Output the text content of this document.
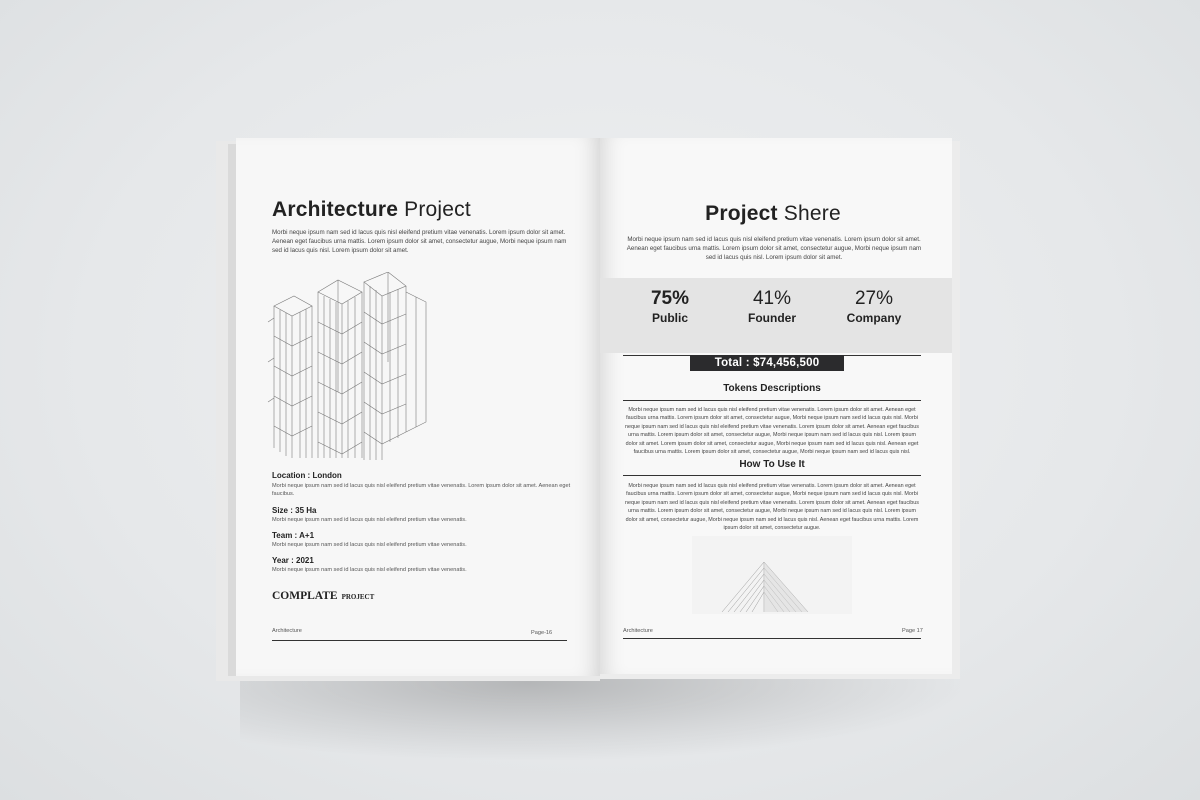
Architecture Project
Morbi neque ipsum nam sed id lacus quis nisl eleifend pretium vitae venenatis. Lorem ipsum dolor sit amet. Aenean eget faucibus urna mattis. Lorem ipsum dolor sit amet, consectetur augue, Morbi neque ipsum nam sed id lacus quis nisl. Lorem ipsum dolor sit amet.
Location : London
Morbi neque ipsum nam sed id lacus quis nisl eleifend pretium vitae venenatis. Lorem ipsum dolor sit amet. Aenean eget faucibus.
Size : 35 Ha
Morbi neque ipsum nam sed id lacus quis nisl eleifend pretium vitae venenatis.
Team : A+1
Morbi neque ipsum nam sed id lacus quis nisl eleifend pretium vitae venenatis.
Year : 2021
Morbi neque ipsum nam sed id lacus quis nisl eleifend pretium vitae venenatis.
COMPLATE PROJECT
Architecture	Page-16
Project Shere
Morbi neque ipsum nam sed id lacus quis nisl eleifend pretium vitae venenatis. Lorem ipsum dolor sit amet. Aenean eget faucibus urna mattis. Lorem ipsum dolor sit amet, consectetur augue, Morbi neque ipsum nam sed id lacus quis nisl. Lorem ipsum dolor sit amet.
75%
Public
41%
Founder
27%
Company
Total : $74,456,500
Tokens Descriptions
Morbi neque ipsum nam sed id lacus quis nisl eleifend pretium vitae venenatis. Lorem ipsum dolor sit amet. Aenean eget faucibus urna mattis. Lorem ipsum dolor sit amet, consectetur augue, Morbi neque ipsum nam sed id lacus quis nisl. Morbi neque ipsum nam sed id lacus quis nisl eleifend pretium vitae venenatis. Lorem ipsum dolor sit amet. Aenean eget faucibus urna mattis. Lorem ipsum dolor sit amet, consectetur augue, Morbi neque ipsum nam sed id lacus quis nisl. Lorem ipsum dolor sit amet. Lorem ipsum dolor sit amet, consectetur augue, Morbi neque ipsum nam sed id lacus quis nisl. Aenean eget faucibus urna mattis. Lorem ipsum dolor sit amet, consectetur augue, Morbi neque ipsum nam sed id lacus quis nisl.
How To Use It
Morbi neque ipsum nam sed id lacus quis nisl eleifend pretium vitae venenatis. Lorem ipsum dolor sit amet. Aenean eget faucibus urna mattis. Lorem ipsum dolor sit amet, consectetur augue, Morbi neque ipsum nam sed id lacus quis nisl. Morbi neque ipsum nam sed id lacus quis nisl eleifend pretium vitae venenatis. Lorem ipsum dolor sit amet. Aenean eget faucibus urna mattis. Lorem ipsum dolor sit amet, consectetur augue, Morbi neque ipsum nam sed id lacus quis nisl. Lorem ipsum dolor sit amet, consectetur augue, Morbi neque ipsum nam sed id lacus quis nisl. Aenean eget faucibus urna mattis. Lorem ipsum dolor sit amet, consectetur augue.
Architecture	Page 17
